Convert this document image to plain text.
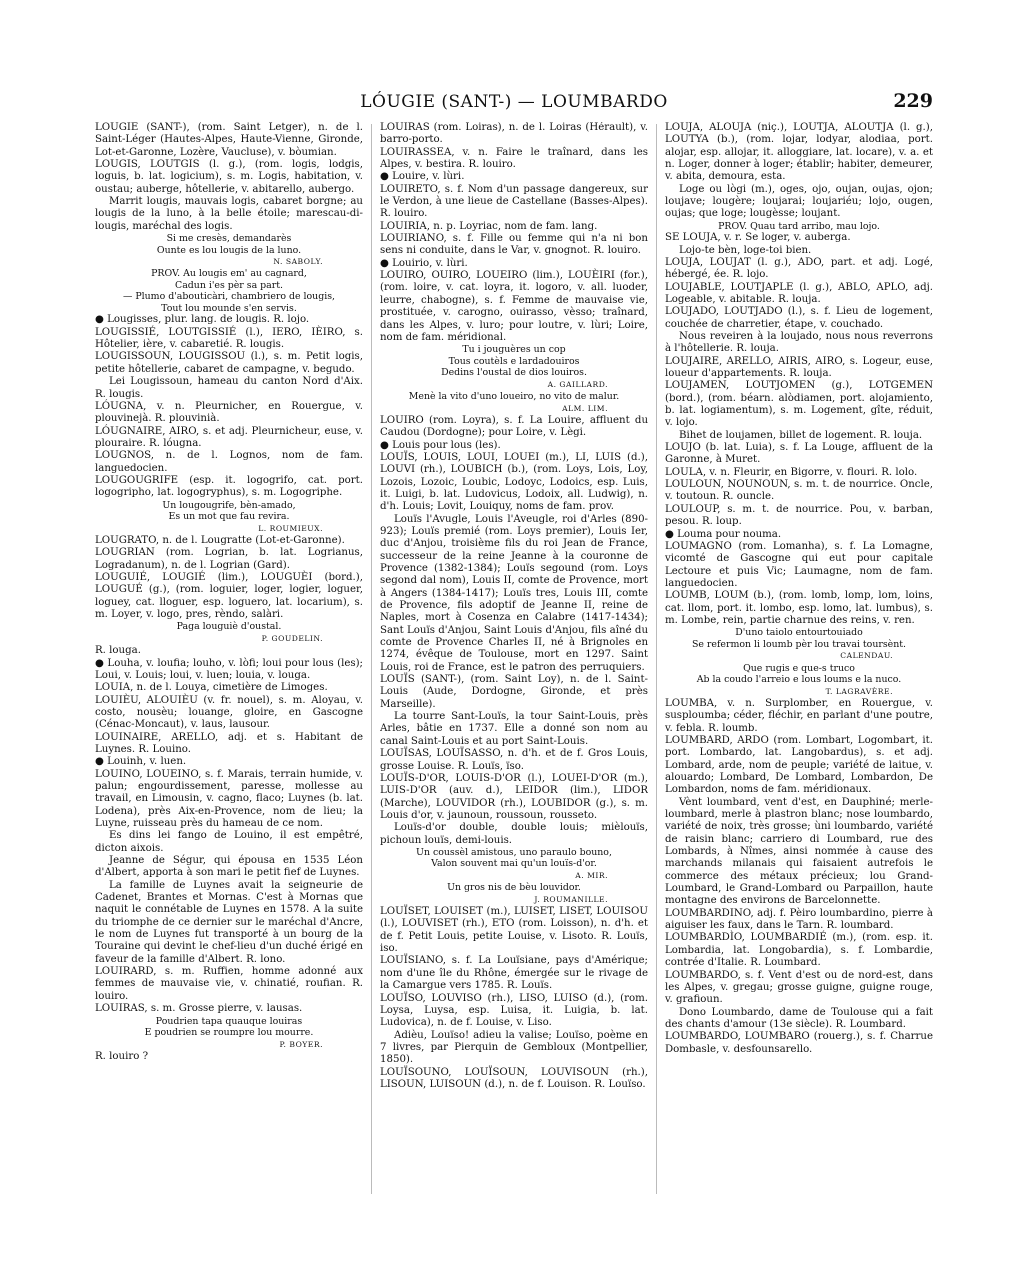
LÓUGIE (SANT-) — LOUMBARDO	229

LÓUGIÉ (SANT-), (rom. Saint Letger), n. de l. Saint-Léger (Hautes-Alpes, Haute-Vienne, Gironde, Lot-et-Garonne, Lozère, Vaucluse), v. bòumian.

LOUGIS, LOUTGIS (l. g.), (rom. logis, lodgis, loguis, b. lat. logicium), s. m. Logis, habitation, v. oustau; auberge, hôtellerie, v. abitarello, aubergo.

Marrit lougis, mauvais logis, cabaret borgne; au lougis de la luno, à la belle étoile; marescau-di-lougis, maréchal des logis.

Si me cresès, demandarès

Ounte es lou lougis de la luno.

N. SABOLY.

PROV. Au lougis em' au cagnard,

Cadun i'es pèr sa part.

— Plumo d'abouticàri, chambriero de lougis,

Tout lou mounde s'en servis.

● Lougisses, plur. lang. de lougis. R. lojo.

LOUGISSIÉ, LOUTGISSIÉ (l.), IERO, IÈIRO, s. Hôtelier, ière, v. cabaretié. R. lougis.

LOUGISSOUN, LOUGISSOU (l.), s. m. Petit logis, petite hôtellerie, cabaret de campagne, v. begudo.

Lei Lougissoun, hameau du canton Nord d'Aix. R. lougis.

LÓUGNA, v. n. Pleurnicher, en Rouergue, v. plouvinejà. R. plouvinià.

LÓUGNAIRE, AIRO, s. et adj. Pleurnicheur, euse, v. plouraire. R. lóugna.

LOUGNOS, n. de l. Lognos, nom de fam. languedocien.

LOUGOUGRIFE (esp. it. logogrifo, cat. port. logogripho, lat. logogryphus), s. m. Logogriphe.

Un lougougrife, bèn-amado,

Es un mot que fau revira.

L. ROUMIEUX.

LOUGRATO, n. de l. Lougratte (Lot-et-Garonne).

LOUGRIAN (rom. Logrian, b. lat. Logrianus, Logradanum), n. de l. Logrian (Gard).

LOUGUIÉ, LOUGIÉ (lim.), LOUGUÈI (bord.), LOUGUÉ (g.), (rom. loguier, loger, logier, loguer, loguey, cat. lloguer, esp. loguero, lat. locarium), s. m. Loyer, v. logo, pres, rèndo, salàri.

Paga louguiè d'oustal.

P. GOUDELIN.

R. louga.

● Louha, v. loufia; louho, v. lòfi; loui pour lous (les); Loui, v. Louis; loui, v. luen; louia, v. louga.

LOUIA, n. de l. Louya, cimetière de Limoges.

LOUIÈU, ALOUIÈU (v. fr. nouel), s. m. Aloyau, v. costo, nousèu; louange, gloire, en Gascogne (Cénac-Moncaut), v. laus, lausour.

LOUINAIRE, ARELLO, adj. et s. Habitant de Luynes. R. Louino.

● Louinh, v. luen.

LOUINO, LOUEINO, s. f. Marais, terrain humide, v. palun; engourdissement, paresse, mollesse au travail, en Limousin, v. cagno, flaco; Luynes (b. lat. Lodena), près Aix-en-Provence, nom de lieu; la Luyne, ruisseau près du hameau de ce nom.

Es dins lei fango de Louino, il est empêtré, dicton aixois.

Jeanne de Ségur, qui épousa en 1535 Léon d'Albert, apporta à son mari le petit fief de Luynes.

La famille de Luynes avait la seigneurie de Cadenet, Brantes et Mornas. C'est à Mornas que naquit le connétable de Luynes en 1578. A la suite du triomphe de ce dernier sur le maréchal d'Ancre, le nom de Luynes fut transporté à un bourg de la Touraine qui devint le chef-lieu d'un duché érigé en faveur de la famille d'Albert. R. lono.

LOUIRARD, s. m. Ruffien, homme adonné aux femmes de mauvaise vie, v. chinatié, roufian. R. louiro.

LOUIRAS, s. m. Grosse pierre, v. lausas.

Poudrien tapa quauque louiras

E poudrien se roumpre lou mourre.

P. BOYER.

R. louiro ?

LOUIRAS (rom. Loiras), n. de l. Loiras (Hérault), v. barro-porto.

LOUIRASSEA, v. n. Faire le traînard, dans les Alpes, v. bestira. R. louiro.

● Louire, v. lùri.

LOUIRETO, s. f. Nom d'un passage dangereux, sur le Verdon, à une lieue de Castellane (Basses-Alpes). R. louiro.

LOUIRIA, n. p. Loyriac, nom de fam. lang.

LOUIRIANO, s. f. Fille ou femme qui n'a ni bon sens ni conduite, dans le Var, v. gnognot. R. louiro.

● Louirio, v. lùri.

LOUIRO, OUIRO, LOUEIRO (lim.), LOUÈIRI (for.), (rom. loire, v. cat. loyra, it. logoro, v. all. luoder, leurre, chabogne), s. f. Femme de mauvaise vie, prostituée, v. carogno, ouirasso, vèsso; traînard, dans les Alpes, v. luro; pour loutre, v. lùri; Loire, nom de fam. méridional.

Tu i jouguères un cop

Tous coutèls e lardadouiros

Dedins l'oustal de dios louiros.

A. GAILLARD.

Menè la vito d'uno loueiro, no vito de malur.

ALM. LIM.

LOUIRO (rom. Loyra), s. f. La Louire, affluent du Caudou (Dordogne); pour Loire, v. Lègi.

● Louis pour lous (les).

LOUÏS, LOUIS, LOUI, LOUEI (m.), LI, LUIS (d.), LOUVI (rh.), LOUBICH (b.), (rom. Loys, Lois, Loy, Lozois, Lozoic, Loubic, Lodoyc, Lodoics, esp. Luis, it. Luigi, b. lat. Ludovicus, Lodoix, all. Ludwig), n. d'h. Louis; Lovit, Louiquy, noms de fam. prov.

Louïs l'Avugle, Louis l'Aveugle, roi d'Arles (890-923); Louïs premié (rom. Loys premier), Louis Ier, duc d'Anjou, troisième fils du roi Jean de France, successeur de la reine Jeanne à la couronne de Provence (1382-1384); Louïs segound (rom. Loys segond dal nom), Louis II, comte de Provence, mort à Angers (1384-1417); Louïs tres, Louis III, comte de Provence, fils adoptif de Jeanne II, reine de Naples, mort à Cosenza en Calabre (1417-1434); Sant Louïs d'Anjou, Saint Louis d'Anjou, fils aîné du comte de Provence Charles II, né à Brignoles en 1274, évêque de Toulouse, mort en 1297. Saint Louis, roi de France, est le patron des perruquiers.

LOUÏS (SANT-), (rom. Saint Loy), n. de l. Saint-Louis (Aude, Dordogne, Gironde, et près Marseille).

La tourre Sant-Louïs, la tour Saint-Louis, près Arles, bâtie en 1737. Elle a donné son nom au canal Saint-Louis et au port Saint-Louis.

LOUÏSAS, LOUÏSASSO, n. d'h. et de f. Gros Louis, grosse Louise. R. Louïs, ïso.

LOUÏS-D'OR, LOUIS-D'OR (l.), LOUEI-D'OR (m.), LUIS-D'OR (auv. d.), LEIDOR (lim.), LIDOR (Marche), LOUVIDOR (rh.), LOUBIDOR (g.), s. m. Louis d'or, v. jaunoun, roussoun, rousseto.

Louïs-d'or double, double louis; mièlouïs, pichoun louïs, demi-louis.

Un coussèl amistous, uno paraulo bouno,

Valon souvent mai qu'un louïs-d'or.

A. MIR.

Un gros nis de bèu louvidor.

J. ROUMANILLE.

LOUÏSET, LOUISET (m.), LUISET, LISET, LOUISOU (l.), LOUVISET (rh.), ETO (rom. Loisson), n. d'h. et de f. Petit Louis, petite Louise, v. Lisoto. R. Louïs, iso.

LOUÏSIANO, s. f. La Louïsiane, pays d'Amérique; nom d'une île du Rhône, émergée sur le rivage de la Camargue vers 1785. R. Louïs.

LOUÏSO, LOUVISO (rh.), LISO, LUISO (d.), (rom. Loysa, Luysa, esp. Luisa, it. Luigia, b. lat. Ludovica), n. de f. Louise, v. Liso.

Adièu, Louïso! adieu la valise; Louïso, poème en 7 livres, par Pierquin de Gembloux (Montpellier, 1850).

LOUÏSOUNO, LOUÏSOUN, LOUVISOUN (rh.), LISOUN, LUISOUN (d.), n. de f. Louison. R. Louïso.

LOUJA, ALOUJA (niç.), LOUTJA, ALOUTJA (l. g.), LOUTYA (b.), (rom. lojar, lodyar, alodiaa, port. alojar, esp. allojar, it. alloggiare, lat. locare), v. a. et n. Loger, donner à loger; établir; habiter, demeurer, v. abita, demoura, esta.

Loge ou lògi (m.), oges, ojo, oujan, oujas, ojon; loujave; lougère; loujarai; loujariéu; lojo, ougen, oujas; que loge; lougèsse; loujant.

PROV. Quau tard arribo, mau lojo.

SE LOUJA, v. r. Se loger, v. auberga.

Lojo-te bèn, loge-toi bien.

LOUJA, LOUJAT (l. g.), ADO, part. et adj. Logé, hébergé, ée. R. lojo.

LOUJABLE, LOUTJAPLE (l. g.), ABLO, APLO, adj. Logeable, v. abitable. R. louja.

LOUJADO, LOUTJADO (l.), s. f. Lieu de logement, couchée de charretier, étape, v. couchado.

Nous reveiren à la loujado, nous nous reverrons à l'hôtellerie. R. louja.

LOUJAIRE, ARELLO, AIRIS, AIRO, s. Logeur, euse, loueur d'appartements. R. louja.

LOUJAMEN, LOUTJOMEN (g.), LOTGEMEN (bord.), (rom. béarn. alòdiamen, port. alojamiento, b. lat. logiamentum), s. m. Logement, gîte, réduit, v. lojo.

Bihet de loujamen, billet de logement. R. louja.

LOUJO (b. lat. Luia), s. f. La Louge, affluent de la Garonne, à Muret.

LOULA, v. n. Fleurir, en Bigorre, v. flouri. R. lolo.

LOULOUN, NOUNOUN, s. m. t. de nourrice. Oncle, v. toutoun. R. ouncle.

LOULOUP, s. m. t. de nourrice. Pou, v. barban, pesou. R. loup.

● Louma pour nouma.

LOUMAGNO (rom. Lomanha), s. f. La Lomagne, vicomté de Gascogne qui eut pour capitale Lectoure et puis Vic; Laumagne, nom de fam. languedocien.

LOUMB, LOUM (b.), (rom. lomb, lomp, lom, loins, cat. llom, port. it. lombo, esp. lomo, lat. lumbus), s. m. Lombe, rein, partie charnue des reins, v. ren.

D'uno taiolo entourtouiado

Se refermon li loumb pèr lou travai toursènt.

CALENDAU.

Que rugis e que-s truco

Ab la coudo l'arreio e lous loums e la nuco.

T. LAGRAVÈRE.

LOUMBA, v. n. Surplomber, en Rouergue, v. susploumba; céder, fléchir, en parlant d'une poutre, v. febla. R. loumb.

LOUMBARD, ARDO (rom. Lombart, Logombart, it. port. Lombardo, lat. Langobardus), s. et adj. Lombard, arde, nom de peuple; variété de laitue, v. alouardo; Lombard, De Lombard, Lombardon, De Lombardon, noms de fam. méridionaux.

Vènt loumbard, vent d'est, en Dauphiné; merle-loumbard, merle à plastron blanc; nose loumbardo, variété de noix, très grosse; ùni loumbardo, variété de raisin blanc; carriero di Loumbard, rue des Lombards, à Nîmes, ainsi nommée à cause des marchands milanais qui faisaient autrefois le commerce des métaux précieux; lou Grand-Loumbard, le Grand-Lombard ou Parpaillon, haute montagne des environs de Barcelonnette.

LOUMBARDINO, adj. f. Pèiro loumbardino, pierre à aiguiser les faux, dans le Tarn. R. loumbard.

LOUMBARDÌO, LOUMBARDIÉ (m.), (rom. esp. it. Lombardia, lat. Longobardia), s. f. Lombardie, contrée d'Italie. R. Loumbard.

LOUMBARDO, s. f. Vent d'est ou de nord-est, dans les Alpes, v. gregau; grosse guigne, guigne rouge, v. grafioun.

Dono Loumbardo, dame de Toulouse qui a fait des chants d'amour (13e siècle). R. Loumbard.

LOUMBARDO, LOUMBARO (rouerg.), s. f. Charrue Dombasle, v. desfounsarello.
